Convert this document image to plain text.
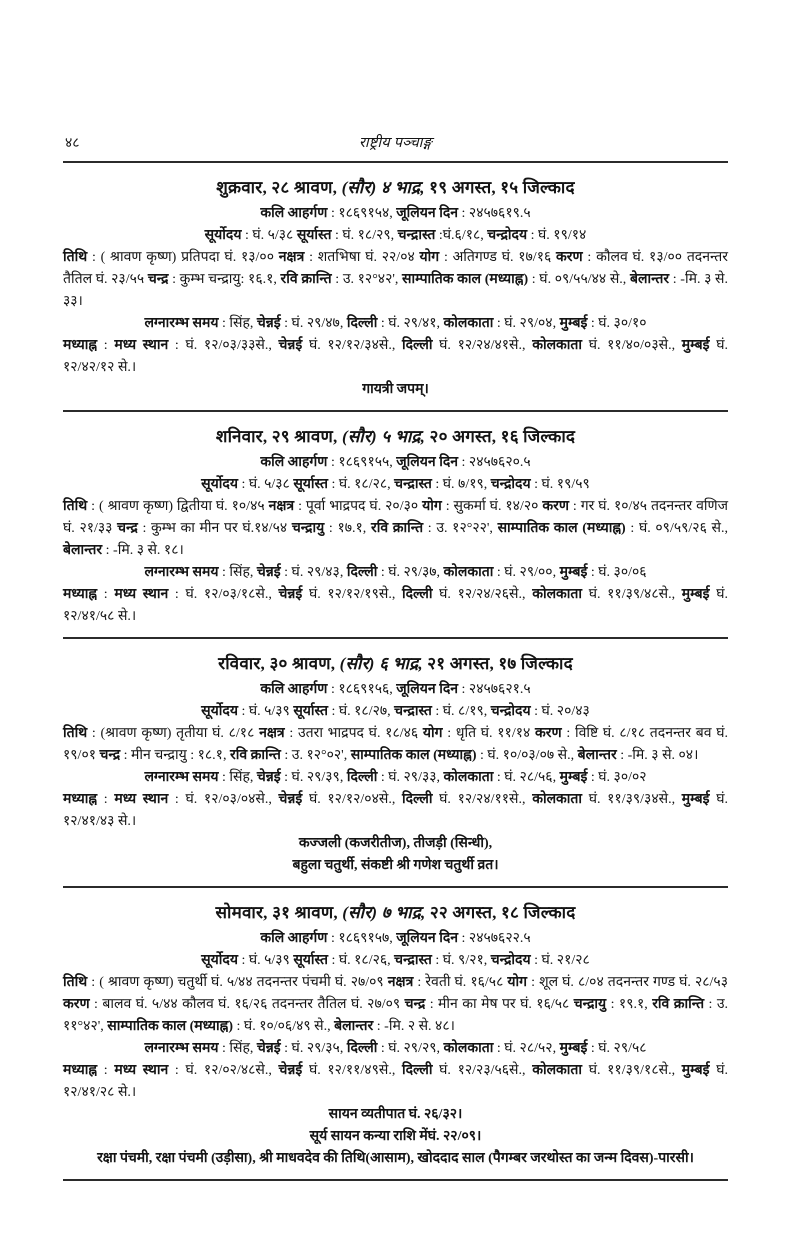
४८	राष्ट्रीय पञ्चाङ्ग
शुक्रवार, २८ श्रावण, (सौर) ४ भाद्र, १९ अगस्त, १५ जिल्काद

कलि आहर्गण : १८६९१५४, जूलियन दिन : २४५७६१९.५

सूर्योदय : घं. ५/३८ सूर्यास्त : घं. १८/२९, चन्द्रास्त :घं.६/१८, चन्द्रोदय : घं. १९/१४

तिथि : ( श्रावण कृष्ण) प्रतिपदा घं. १३/०० नक्षत्र : शतभिषा घं. २२/०४ योग : अतिगण्ड घं. १७/१६ करण : कौलव घं. १३/०० तदनन्तर तैतिल घं. २३/५५ चन्द्र : कुम्भ चन्द्रायु: १६.१, रवि क्रान्ति : उ. १२°४२', साम्पातिक काल (मध्याह्न) : घं. ०९/५५/४४ से., बेलान्तर : -मि. ३ से. ३३।

लग्नारम्भ समय : सिंह, चेन्नई : घं. २९/४७, दिल्ली : घं. २९/४१, कोलकाता : घं. २९/०४, मुम्बई : घं. ३०/१०

मध्याह्न : मध्य स्थान : घं. १२/०३/३३से., चेन्नई घं. १२/१२/३४से., दिल्ली घं. १२/२४/४१से., कोलकाता घं. ११/४०/०३से., मुम्बई घं. १२/४२/१२ से.।

गायत्री जपम्।

शनिवार, २९ श्रावण, (सौर) ५ भाद्र, २० अगस्त, १६ जिल्काद

कलि आहर्गण : १८६९१५५, जूलियन दिन : २४५७६२०.५

सूर्योदय : घं. ५/३८ सूर्यास्त : घं. १८/२८, चन्द्रास्त : घं. ७/१९, चन्द्रोदय : घं. १९/५९

तिथि : ( श्रावण कृष्ण) द्वितीया घं. १०/४५ नक्षत्र : पूर्वा भाद्रपद घं. २०/३० योग : सुकर्मा घं. १४/२० करण : गर घं. १०/४५ तदनन्तर वणिज घं. २१/३३ चन्द्र : कुम्भ का मीन पर घं.१४/५४ चन्द्रायु : १७.१, रवि क्रान्ति : उ. १२°२२', साम्पातिक काल (मध्याह्न) : घं. ०९/५९/२६ से., बेलान्तर : -मि. ३ से. १८।

लग्नारम्भ समय : सिंह, चेन्नई : घं. २९/४३, दिल्ली : घं. २९/३७, कोलकाता : घं. २९/००, मुम्बई : घं. ३०/०६

मध्याह्न : मध्य स्थान : घं. १२/०३/१८से., चेन्नई घं. १२/१२/१९से., दिल्ली घं. १२/२४/२६से., कोलकाता घं. ११/३९/४८से., मुम्बई घं. १२/४१/५८ से.।

रविवार, ३० श्रावण, (सौर) ६ भाद्र, २१ अगस्त, १७ जिल्काद

कलि आहर्गण : १८६९१५६, जूलियन दिन : २४५७६२१.५

सूर्योदय : घं. ५/३९ सूर्यास्त : घं. १८/२७, चन्द्रास्त : घं. ८/१९, चन्द्रोदय : घं. २०/४३

तिथि : (श्रावण कृष्ण) तृतीया घं. ८/१८ नक्षत्र : उतरा भाद्रपद घं. १८/४६ योग : धृति घं. ११/१४ करण : विष्टि घं. ८/१८ तदनन्तर बव घं. १९/०१ चन्द्र : मीन चन्द्रायु : १८.१, रवि क्रान्ति : उ. १२°०२', साम्पातिक काल (मध्याह्न) : घं. १०/०३/०७ से., बेलान्तर : -मि. ३ से. ०४।

लग्नारम्भ समय : सिंह, चेन्नई : घं. २९/३९, दिल्ली : घं. २९/३३, कोलकाता : घं. २८/५६, मुम्बई : घं. ३०/०२

मध्याह्न : मध्य स्थान : घं. १२/०३/०४से., चेन्नई घं. १२/१२/०४से., दिल्ली घं. १२/२४/११से., कोलकाता घं. ११/३९/३४से., मुम्बई घं. १२/४१/४३ से.।

कज्जली (कजरीतीज), तीजड़ी (सिन्धी),

बहुला चतुर्थी, संकष्टी श्री गणेश चतुर्थी व्रत।

सोमवार, ३१ श्रावण, (सौर) ७ भाद्र, २२ अगस्त, १८ जिल्काद

कलि आहर्गण : १८६९१५७, जूलियन दिन : २४५७६२२.५

सूर्योदय : घं. ५/३९ सूर्यास्त : घं. १८/२६, चन्द्रास्त : घं. ९/२१, चन्द्रोदय : घं. २१/२८

तिथि : ( श्रावण कृष्ण) चतुर्थी घं. ५/४४ तदनन्तर पंचमी घं. २७/०९ नक्षत्र : रेवती घं. १६/५८ योग : शूल घं. ८/०४ तदनन्तर गण्ड घं. २८/५३ करण : बालव घं. ५/४४ कौलव घं. १६/२६ तदनन्तर तैतिल घं. २७/०९ चन्द्र : मीन का मेष पर घं. १६/५८ चन्द्रायु : १९.१, रवि क्रान्ति : उ. ११°४२', साम्पातिक काल (मध्याह्न) : घं. १०/०६/४९ से., बेलान्तर : -मि. २ से. ४८।

लग्नारम्भ समय : सिंह, चेन्नई : घं. २९/३५, दिल्ली : घं. २९/२९, कोलकाता : घं. २८/५२, मुम्बई : घं. २९/५८

मध्याह्न : मध्य स्थान : घं. १२/०२/४८से., चेन्नई घं. १२/११/४९से., दिल्ली घं. १२/२३/५६से., कोलकाता घं. ११/३९/१८से., मुम्बई घं. १२/४१/२८ से.।

सायन व्यतीपात घं. २६/३२।

सूर्य सायन कन्या राशि मेंघं. २२/०९।

रक्षा पंचमी, रक्षा पंचमी (उड़ीसा), श्री माधवदेव की तिथि(आसाम), खोददाद साल (पैगम्बर जरथोस्त का जन्म दिवस)-पारसी।
